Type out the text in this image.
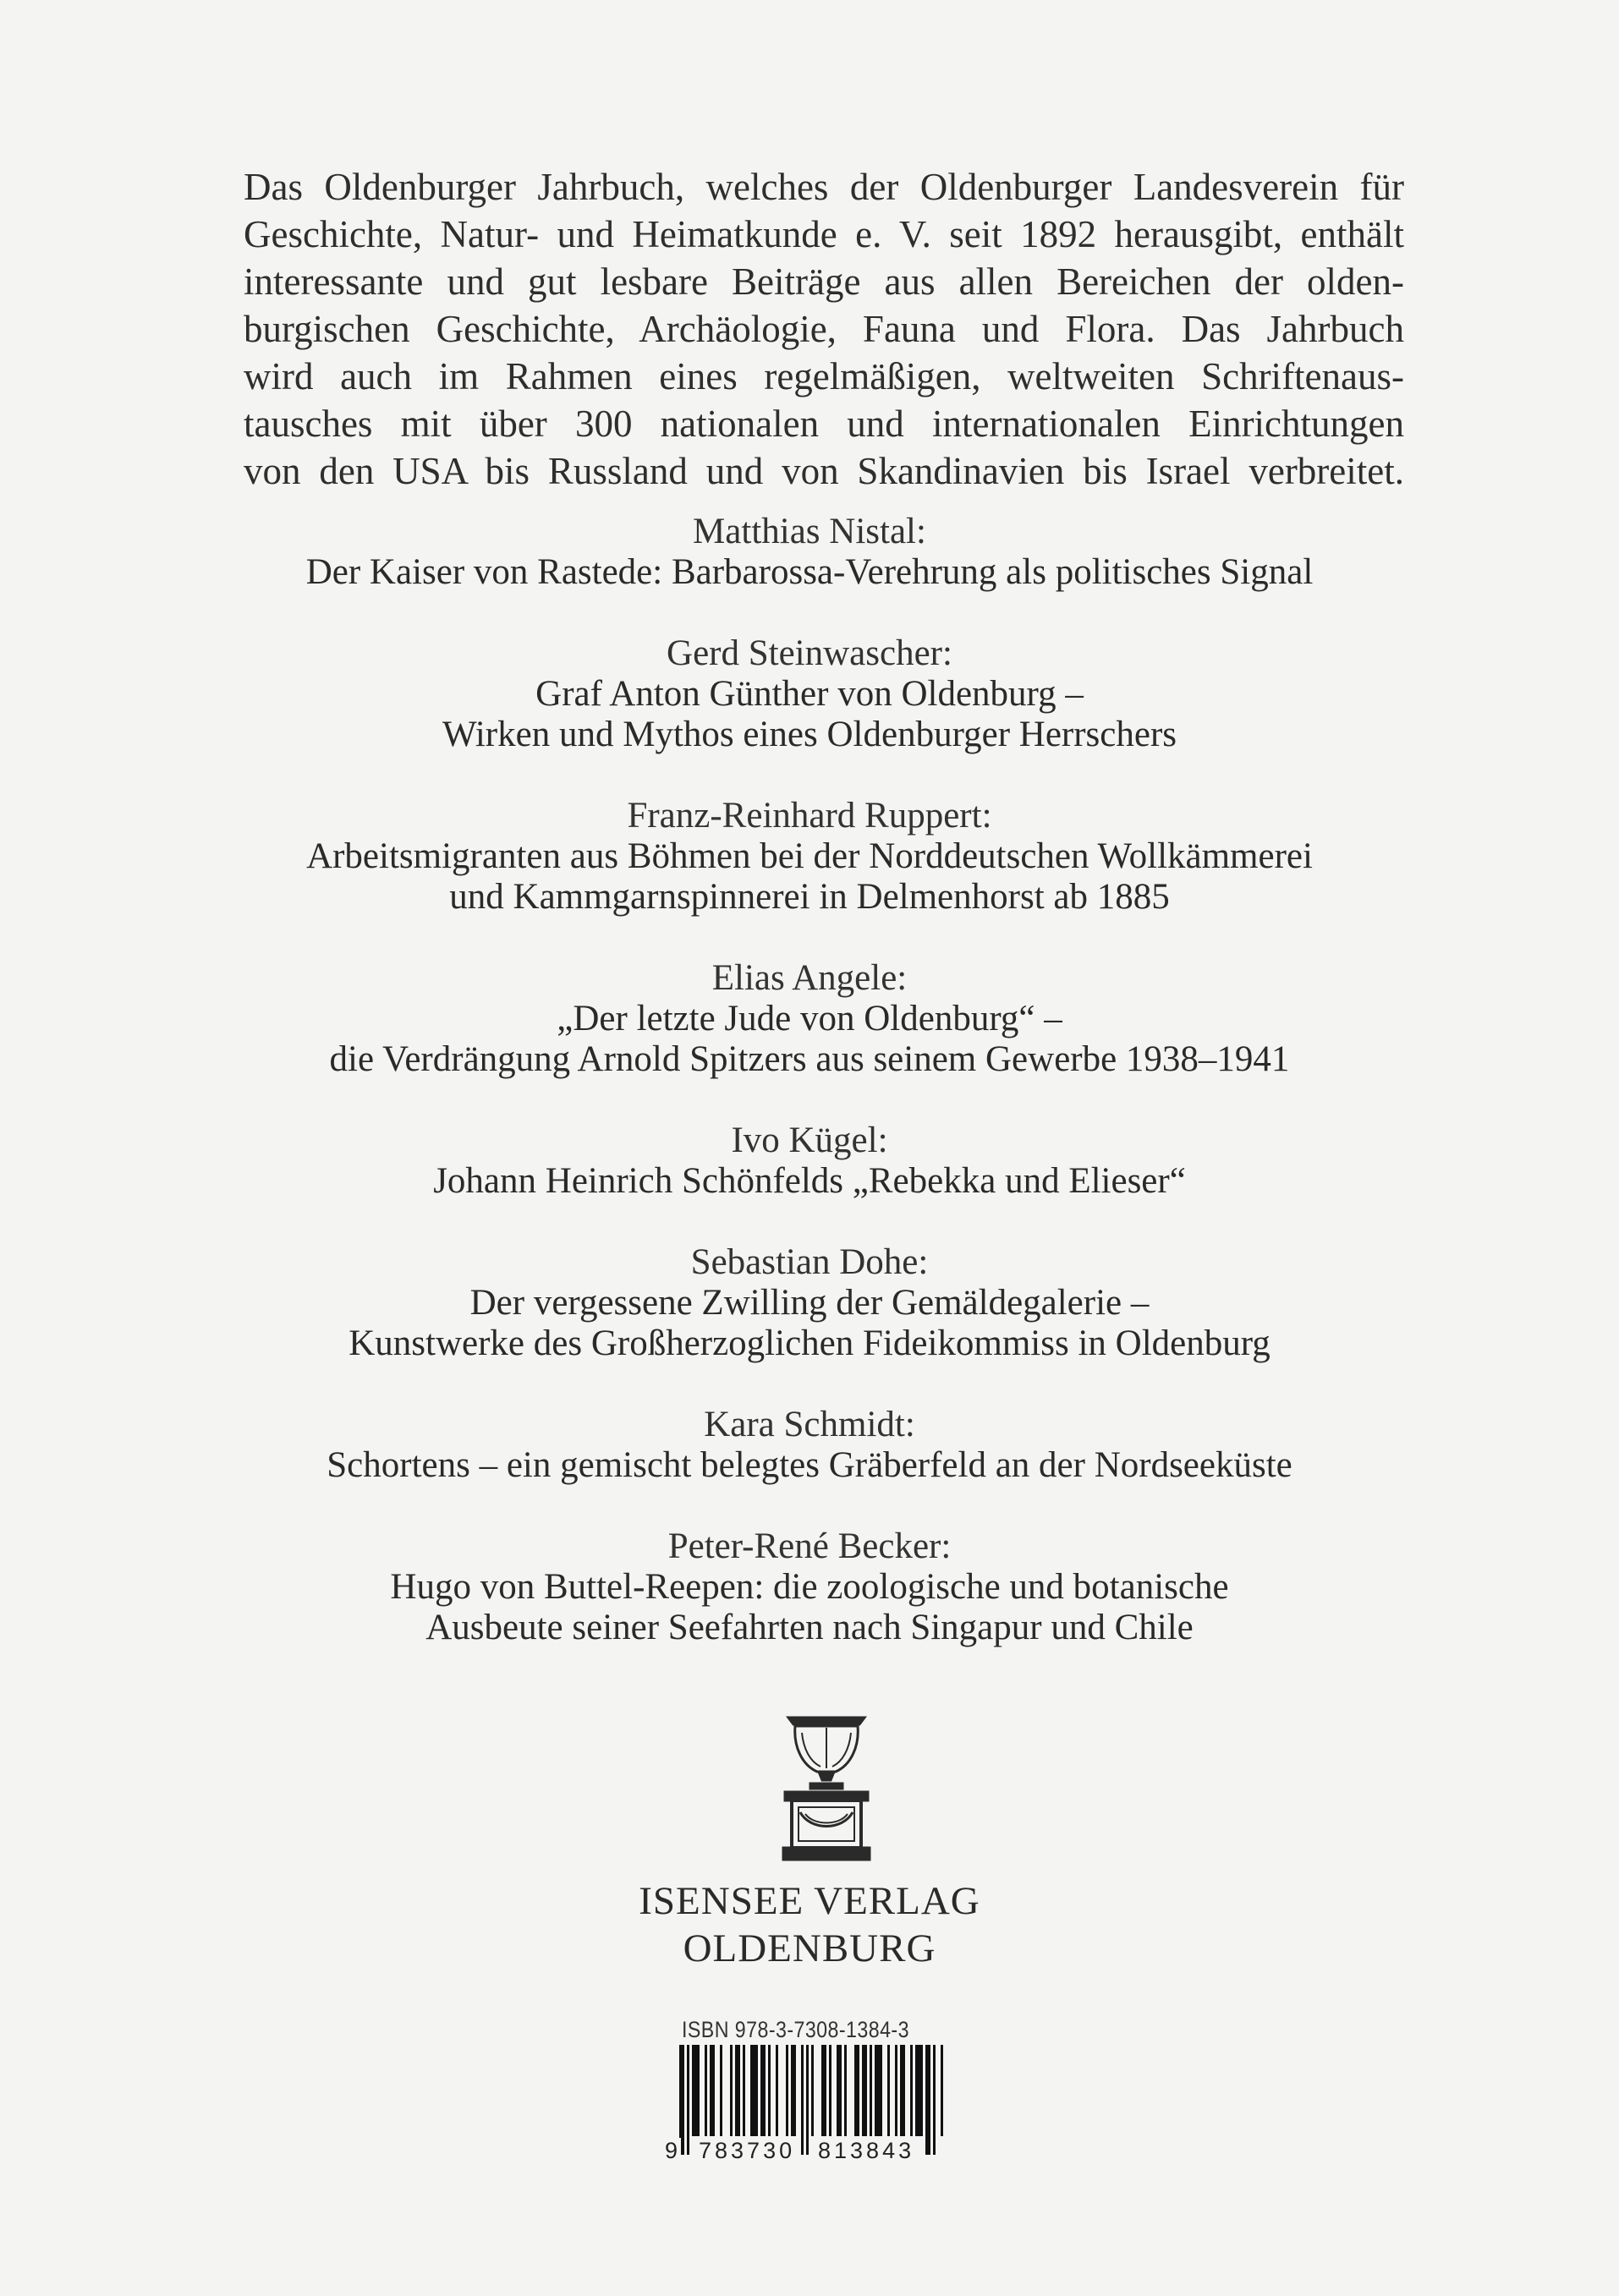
Das Oldenburger Jahrbuch, welches der Oldenburger Landesverein für
Geschichte, Natur- und Heimatkunde e. V. seit 1892 herausgibt, enthält
interessante und gut lesbare Beiträge aus allen Bereichen der olden-
burgischen Geschichte, Archäologie, Fauna und Flora. Das Jahrbuch
wird auch im Rahmen eines regelmäßigen, weltweiten Schriftenaus-
tausches mit über 300 nationalen und internationalen Einrichtungen
von den USA bis Russland und von Skandinavien bis Israel verbreitet.
Matthias Nistal:
Der Kaiser von Rastede: Barbarossa-Verehrung als politisches Signal
Gerd Steinwascher:
Graf Anton Günther von Oldenburg –
Wirken und Mythos eines Oldenburger Herrschers
Franz-Reinhard Ruppert:
Arbeitsmigranten aus Böhmen bei der Norddeutschen Wollkämmerei
und Kammgarnspinnerei in Delmenhorst ab 1885
Elias Angele:
„Der letzte Jude von Oldenburg“ –
die Verdrängung Arnold Spitzers aus seinem Gewerbe 1938–1941
Ivo Kügel:
Johann Heinrich Schönfelds „Rebekka und Elieser“
Sebastian Dohe:
Der vergessene Zwilling der Gemäldegalerie –
Kunstwerke des Großherzoglichen Fideikommiss in Oldenburg
Kara Schmidt:
Schortens – ein gemischt belegtes Gräberfeld an der Nordseeküste
Peter-René Becker:
Hugo von Buttel-Reepen: die zoologische und botanische
Ausbeute seiner Seefahrten nach Singapur und Chile
ISENSEE VERLAG
OLDENBURG
ISBN 978-3-7308-1384-3
9 783730 813843
